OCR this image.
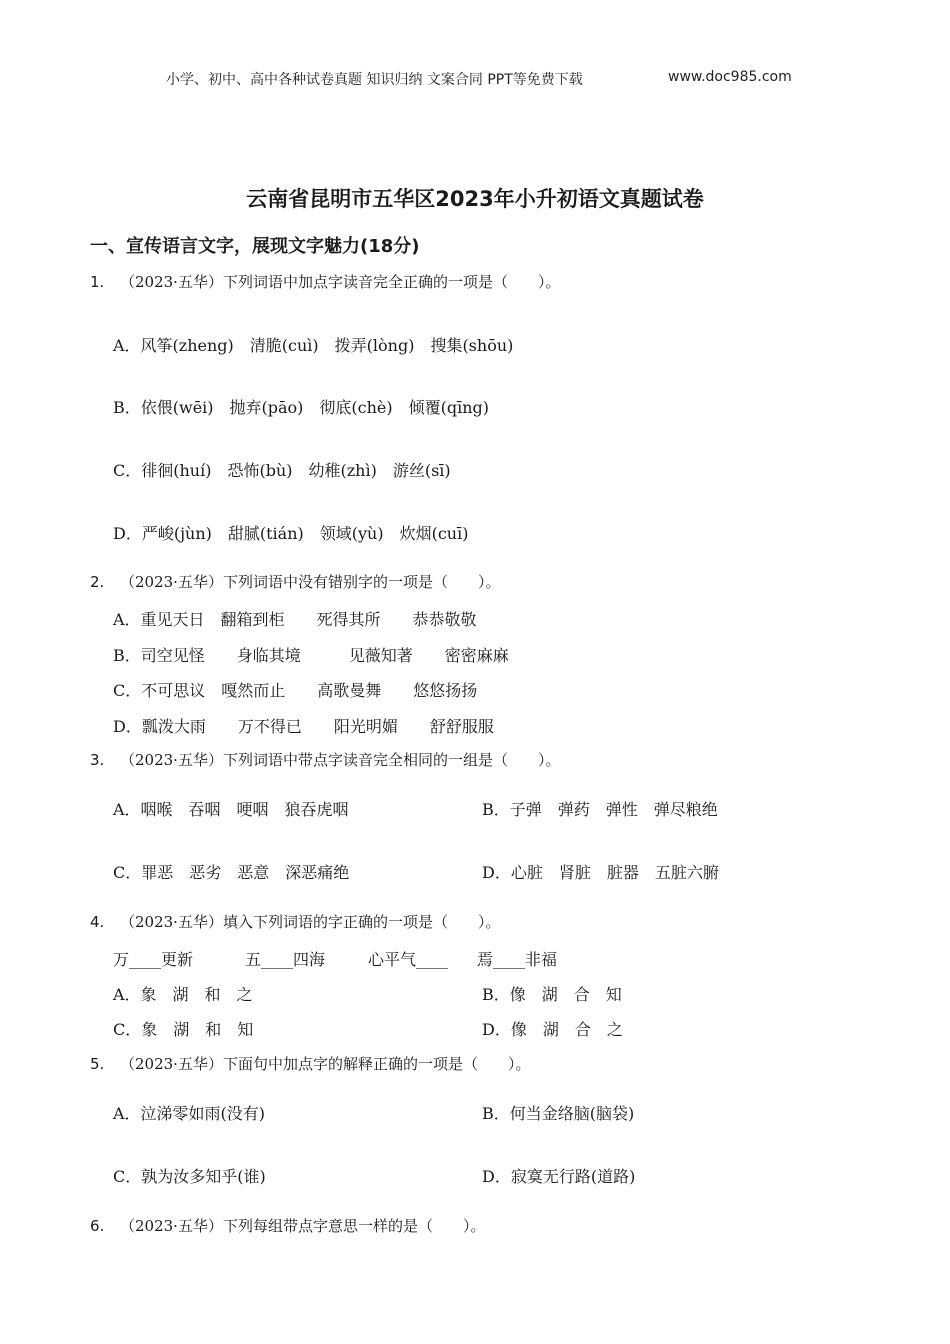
小学、初中、高中各种试卷真题 知识归纳 文案合同 PPT等免费下载	www.doc985.com
云南省昆明市五华区2023年小升初语文真题试卷
一、宣传语言文字，展现文字魅力(18分)
1. （2023·五华）下列词语中加点字读音完全正确的一项是（　　）。
A．风筝(zheng)　清脆(cuì)　拨弄(lòng)　搜集(shōu)
B．依偎(wēi)　抛弃(pāo)　彻底(chè)　倾覆(qīng)
C．徘徊(huí)　恐怖(bù)　幼稚(zhì)　游丝(sī)
D．严峻(jùn)　甜腻(tián)　领域(yù)　炊烟(cuī)
2. （2023·五华）下列词语中没有错别字的一项是（　　）。
A．重见天日　翻箱到柜　　死得其所　　恭恭敬敬
B．司空见怪　　身临其境　　　见薇知著　　密密麻麻
C．不可思议　嘎然而止　　高歌曼舞　　悠悠扬扬
D．瓢泼大雨　　万不得已　　阳光明媚　　舒舒服服
3. （2023·五华）下列词语中带点字读音完全相同的一组是（　　）。
A．咽喉　吞咽　哽咽　狼吞虎咽	B．子弹　弹药　弹性　弹尽粮绝
C．罪恶　恶劣　恶意　深恶痛绝	D．心脏　肾脏　脏器　五脏六腑
4. （2023·五华）填入下列词语的字正确的一项是（　　）。
万____更新	五____四海	心平气____ 焉____非福
A．象　湖　和　之	B．像　湖　合　知
C．象　湖　和　知	D．像　湖　合　之
5. （2023·五华）下面句中加点字的解释正确的一项是（　　）。
A．泣涕零如雨(没有)	B．何当金络脑(脑袋)
C．孰为汝多知乎(谁)	D．寂寞无行路(道路)
6. （2023·五华）下列每组带点字意思一样的是（　　）。
